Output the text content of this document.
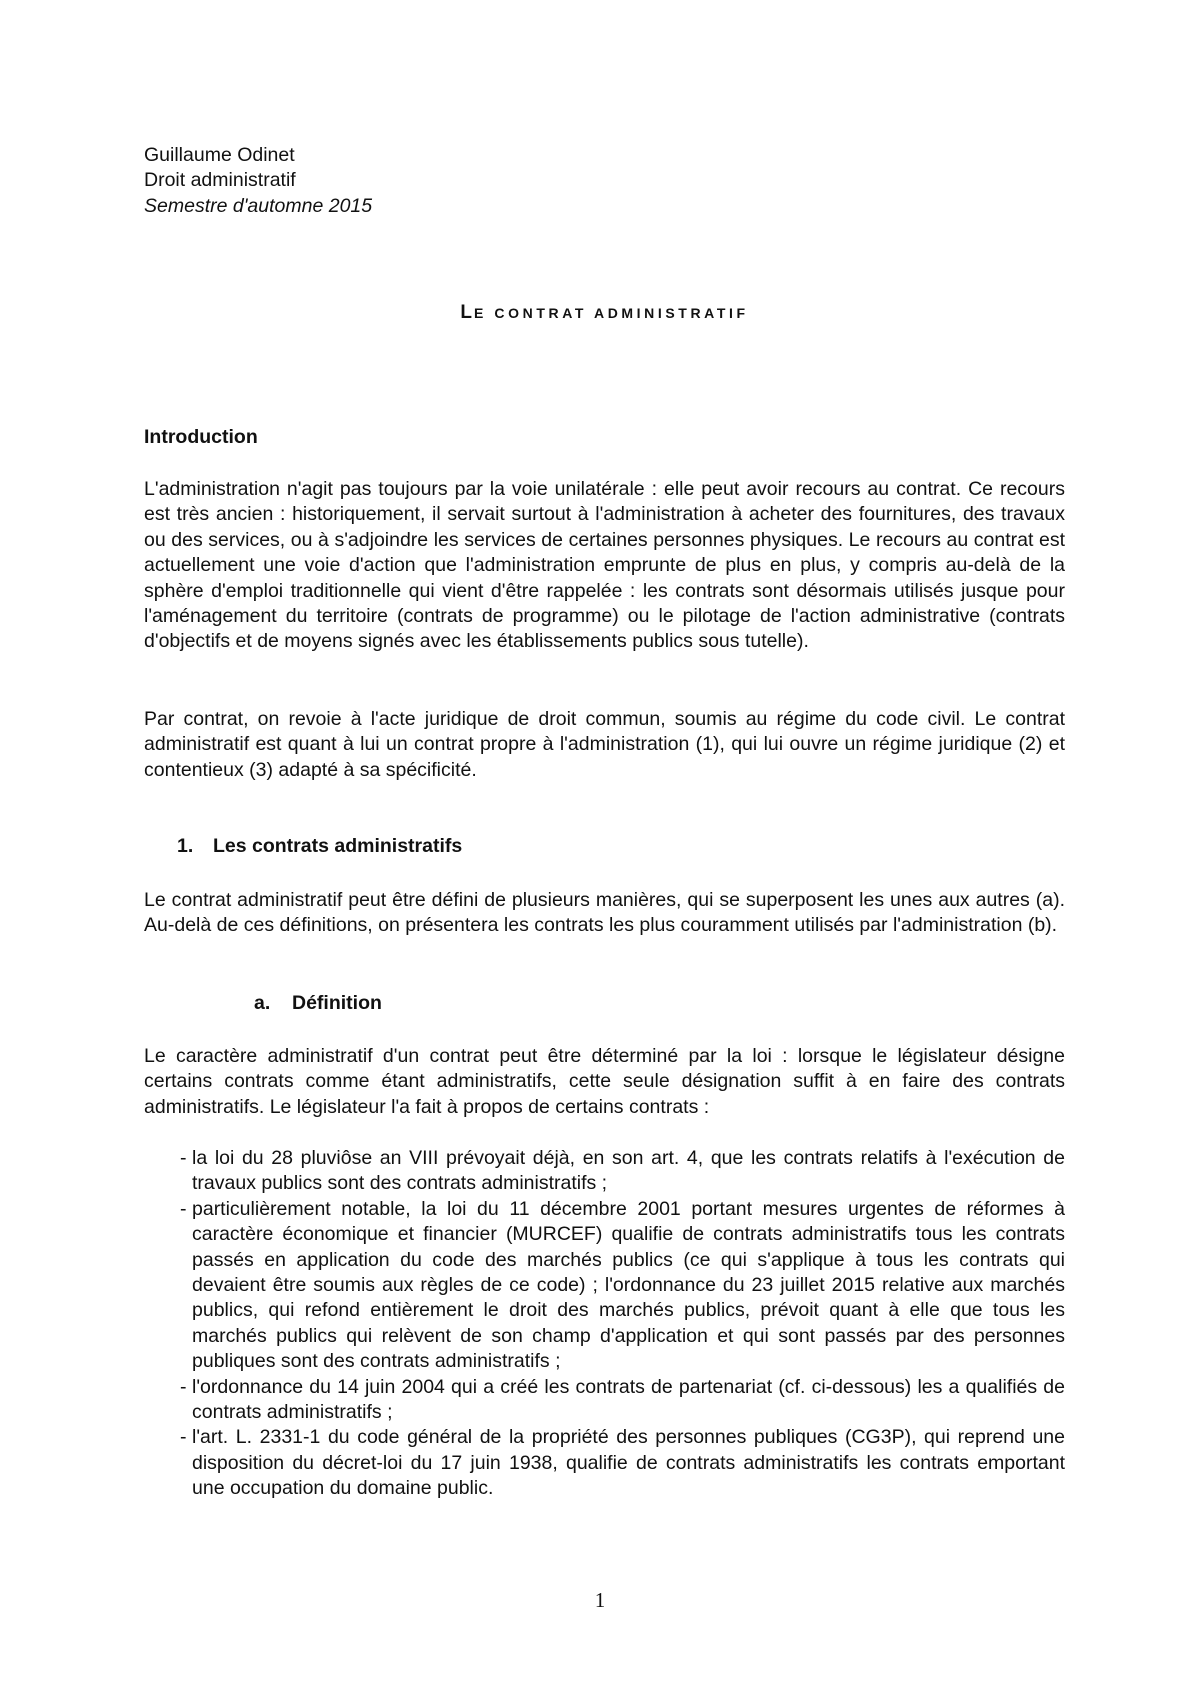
Guillaume Odinet

Droit administratif

Semestre d'automne 2015

LE CONTRAT ADMINISTRATIF
Introduction

L'administration n'agit pas toujours par la voie unilatérale : elle peut avoir recours au contrat. Ce recours est très ancien : historiquement, il servait surtout à l'administration à acheter des fournitures, des travaux ou des services, ou à s'adjoindre les services de certaines personnes physiques. Le recours au contrat est actuellement une voie d'action que l'administration emprunte de plus en plus, y compris au-delà de la sphère d'emploi traditionnelle qui vient d'être rappelée : les contrats sont désormais utilisés jusque pour l'aménagement du territoire (contrats de programme) ou le pilotage de l'action administrative (contrats d'objectifs et de moyens signés avec les établissements publics sous tutelle).

Par contrat, on revoie à l'acte juridique de droit commun, soumis au régime du code civil. Le contrat administratif est quant à lui un contrat propre à l'administration (1), qui lui ouvre un régime juridique (2) et contentieux (3) adapté à sa spécificité.

1. Les contrats administratifs

Le contrat administratif peut être défini de plusieurs manières, qui se superposent les unes aux autres (a). Au-delà de ces définitions, on présentera les contrats les plus couramment utilisés par l'administration (b).

a. Définition

Le caractère administratif d'un contrat peut être déterminé par la loi : lorsque le législateur désigne certains contrats comme étant administratifs, cette seule désignation suffit à en faire des contrats administratifs. Le législateur l'a fait à propos de certains contrats :

- la loi du 28 pluviôse an VIII prévoyait déjà, en son art. 4, que les contrats relatifs à l'exécution de travaux publics sont des contrats administratifs ;
- particulièrement notable, la loi du 11 décembre 2001 portant mesures urgentes de réformes à caractère économique et financier (MURCEF) qualifie de contrats administratifs tous les contrats passés en application du code des marchés publics (ce qui s'applique à tous les contrats qui devaient être soumis aux règles de ce code) ; l'ordonnance du 23 juillet 2015 relative aux marchés publics, qui refond entièrement le droit des marchés publics, prévoit quant à elle que tous les marchés publics qui relèvent de son champ d'application et qui sont passés par des personnes publiques sont des contrats administratifs ;
- l'ordonnance du 14 juin 2004 qui a créé les contrats de partenariat (cf. ci-dessous) les a qualifiés de contrats administratifs ;
- l'art. L. 2331-1 du code général de la propriété des personnes publiques (CG3P), qui reprend une disposition du décret-loi du 17 juin 1938, qualifie de contrats administratifs les contrats emportant une occupation du domaine public.

1
